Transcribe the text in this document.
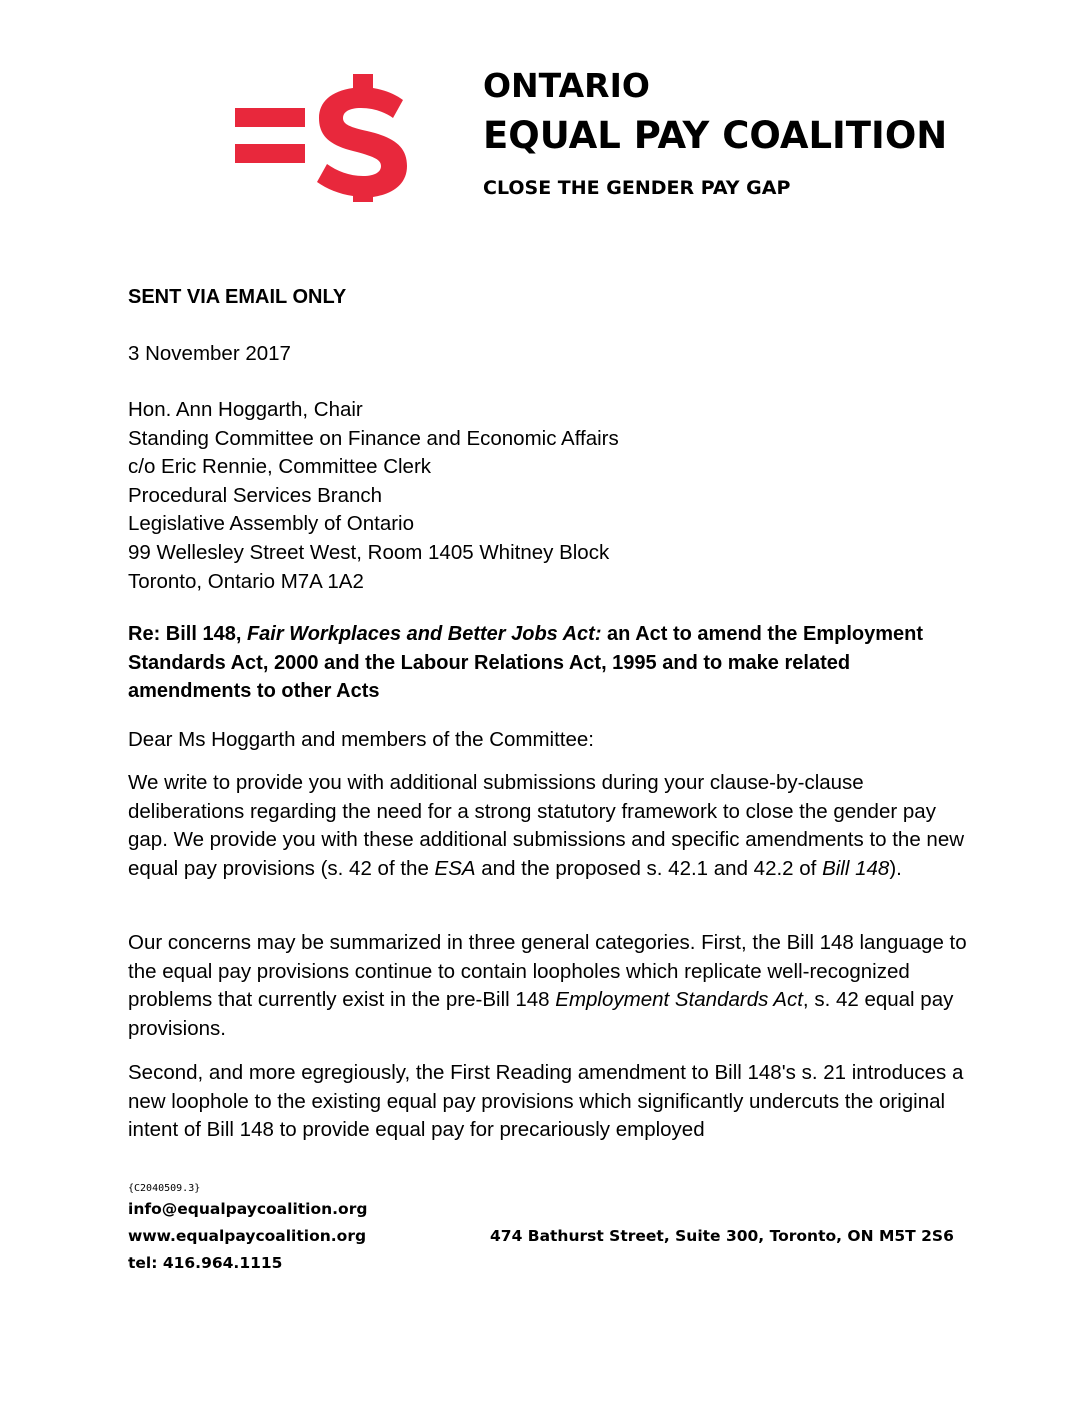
ONTARIO
EQUAL PAY COALITION
CLOSE THE GENDER PAY GAP
SENT VIA EMAIL ONLY
3 November 2017
Hon. Ann Hoggarth, Chair
Standing Committee on Finance and Economic Affairs
c/o Eric Rennie, Committee Clerk
Procedural Services Branch
Legislative Assembly of Ontario
99 Wellesley Street West, Room 1405 Whitney Block
Toronto, Ontario M7A 1A2
Re: Bill 148, Fair Workplaces and Better Jobs Act: an Act to amend the Employment Standards Act, 2000 and the Labour Relations Act, 1995 and to make related amendments to other Acts
Dear Ms Hoggarth and members of the Committee:

We write to provide you with additional submissions during your clause-by-clause deliberations regarding the need for a strong statutory framework to close the gender pay gap. We provide you with these additional submissions and specific amendments to the new equal pay provisions (s. 42 of the ESA and the proposed s. 42.1 and 42.2 of Bill 148).

Our concerns may be summarized in three general categories. First, the Bill 148 language to the equal pay provisions continue to contain loopholes which replicate well-recognized problems that currently exist in the pre-Bill 148 Employment Standards Act, s. 42 equal pay provisions.

Second, and more egregiously, the First Reading amendment to Bill 148's s. 21 introduces a new loophole to the existing equal pay provisions which significantly undercuts the original intent of Bill 148 to provide equal pay for precariously employed

{C2040509.3}
info@equalpaycoalition.org
www.equalpaycoalition.org
tel: 416.964.1115
474 Bathurst Street, Suite 300, Toronto, ON M5T 2S6
